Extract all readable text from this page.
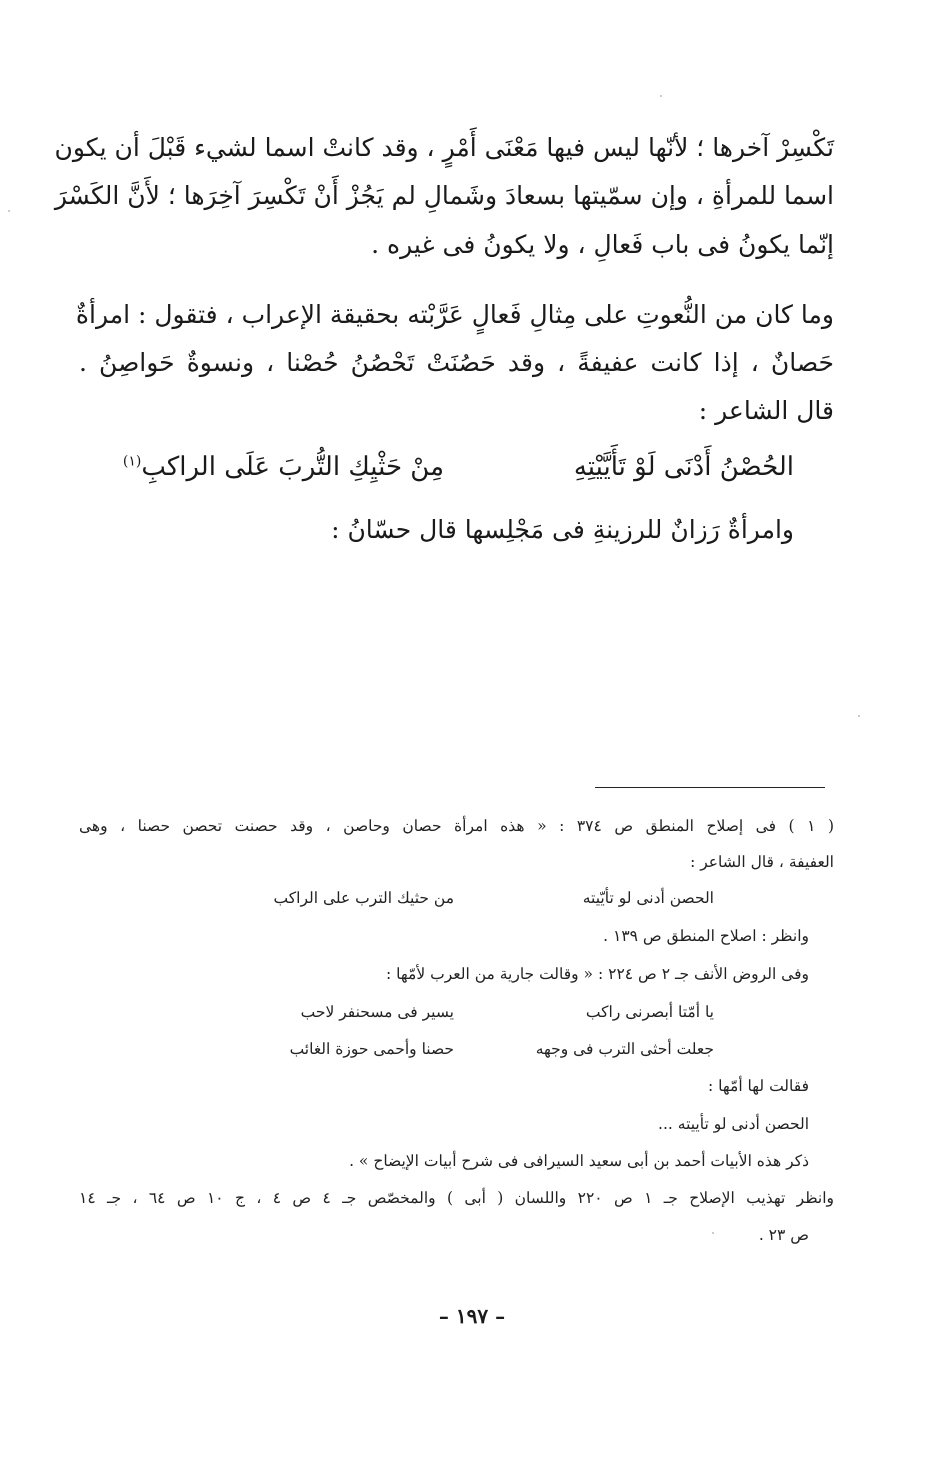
تَكْسِرْ آخرها ؛ لأنّها ليس فيها مَعْنَى أَمْرٍ ، وقد كانتْ اسما لشيء قَبْلَ أن يكون
اسما للمرأةِ ، وإن سمّيتها بسعادَ وشَمالِ لم يَجُزْ أَنْ تَكْسِرَ آخِرَها ؛ لأَنَّ الكَسْرَ
إنّما يكونُ فى باب فَعالِ ، ولا يكونُ فى غيره .
وما كان من النُّعوتِ على مِثالِ فَعالٍ عَرَّبْته بحقيقة الإعراب ، فتقول : امرأةٌ
حَصانٌ ، إذا كانت عفيفةً ، وقد حَصُنَتْ تَحْصُنُ حُصْنا ، ونسوةٌ حَواصِنُ .
قال الشاعر :
الحُصْنُ أَدْنَى لَوْ تَأَيَّيْتِهِ
مِنْ حَثْيِكِ التُّربَ عَلَى الراكبِ$^{(١)}$
وامرأةٌ رَزانٌ للرزينةِ فى مَجْلِسها قال حسّانُ :
( ١ ) فى إصلاح المنطق ص ٣٧٤ : « هذه امرأة حصان وحاصن ، وقد حصنت تحصن حصنا ، وهى
العفيفة ، قال الشاعر :
الحصن أدنى لو تأيّيته
من حثيك الترب على الراكب
وانظر : اصلاح المنطق ص ١٣٩ .
وفى الروض الأنف جـ ٢ ص ٢٢٤ : « وقالت جارية من العرب لأمّها :
يا أمّتا أبصرنى راكب
يسير فى مسحنفر لاحب
جعلت أحثى الترب فى وجهه
حصنا وأحمى حوزة الغائب
فقالت لها أمّها :
الحصن أدنى لو تأييته ...
ذكر هذه الأبيات أحمد بن أبى سعيد السيرافى فى شرح أبيات الإيضاح » .
وانظر تهذيب الإصلاح جـ ١ ص ٢٢٠ واللسان ( أبى ) والمخصّص جـ ٤ ص ٤ ، ج ١٠ ص ٦٤ ، جـ ١٤
ص ٢٣ .
– ١٩٧ –
